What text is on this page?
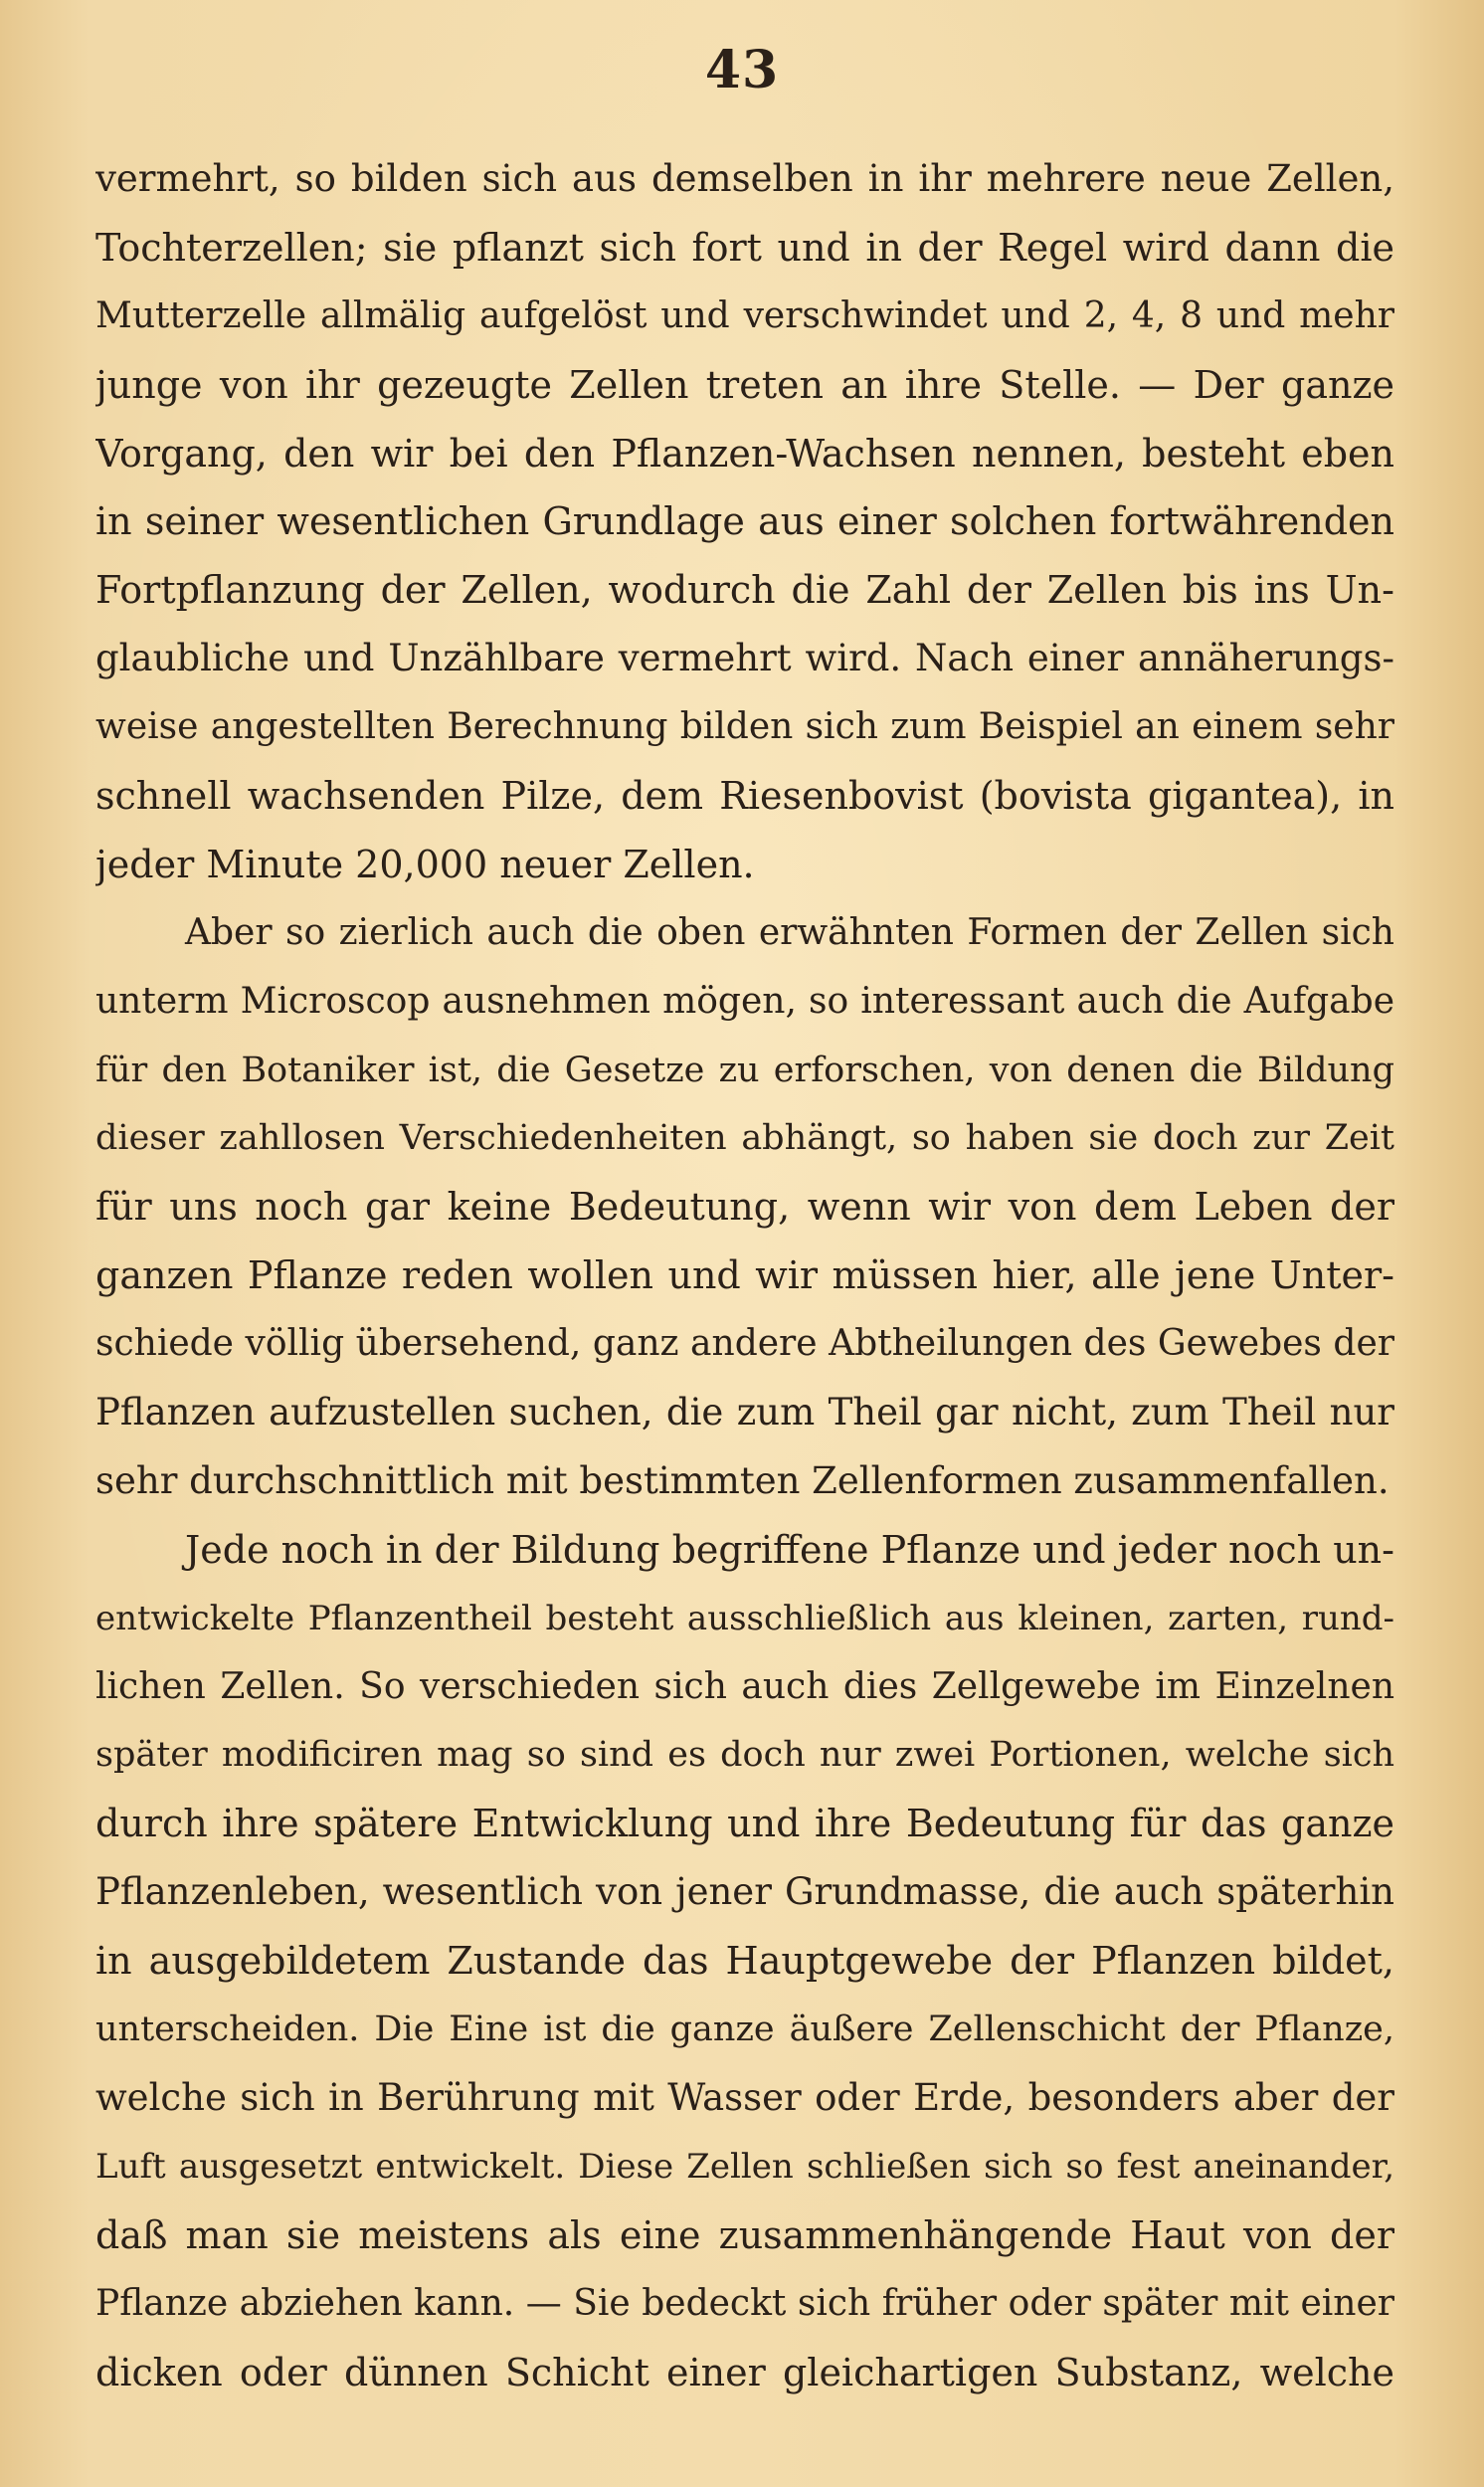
43
vermehrt, so bilden sich aus demselben in ihr mehrere neue Zellen,
Tochterzellen; sie pflanzt sich fort und in der Regel wird dann die
Mutterzelle allmälig aufgelöst und verschwindet und 2, 4, 8 und mehr
junge von ihr gezeugte Zellen treten an ihre Stelle. — Der ganze
Vorgang, den wir bei den Pflanzen-Wachsen nennen, besteht eben
in seiner wesentlichen Grundlage aus einer solchen fortwährenden
Fortpflanzung der Zellen, wodurch die Zahl der Zellen bis ins Un-
glaubliche und Unzählbare vermehrt wird. Nach einer annäherungs-
weise angestellten Berechnung bilden sich zum Beispiel an einem sehr
schnell wachsenden Pilze, dem Riesenbovist (bovista gigantea), in
jeder Minute 20,000 neuer Zellen.
Aber so zierlich auch die oben erwähnten Formen der Zellen sich
unterm Microscop ausnehmen mögen, so interessant auch die Aufgabe
für den Botaniker ist, die Gesetze zu erforschen, von denen die Bildung
dieser zahllosen Verschiedenheiten abhängt, so haben sie doch zur Zeit
für uns noch gar keine Bedeutung, wenn wir von dem Leben der
ganzen Pflanze reden wollen und wir müssen hier, alle jene Unter-
schiede völlig übersehend, ganz andere Abtheilungen des Gewebes der
Pflanzen aufzustellen suchen, die zum Theil gar nicht, zum Theil nur
sehr durchschnittlich mit bestimmten Zellenformen zusammenfallen.
Jede noch in der Bildung begriffene Pflanze und jeder noch un-
entwickelte Pflanzentheil besteht ausschließlich aus kleinen, zarten, rund-
lichen Zellen. So verschieden sich auch dies Zellgewebe im Einzelnen
später modificiren mag so sind es doch nur zwei Portionen, welche sich
durch ihre spätere Entwicklung und ihre Bedeutung für das ganze
Pflanzenleben, wesentlich von jener Grundmasse, die auch späterhin
in ausgebildetem Zustande das Hauptgewebe der Pflanzen bildet,
unterscheiden. Die Eine ist die ganze äußere Zellenschicht der Pflanze,
welche sich in Berührung mit Wasser oder Erde, besonders aber der
Luft ausgesetzt entwickelt. Diese Zellen schließen sich so fest aneinander,
daß man sie meistens als eine zusammenhängende Haut von der
Pflanze abziehen kann. — Sie bedeckt sich früher oder später mit einer
dicken oder dünnen Schicht einer gleichartigen Substanz, welche
